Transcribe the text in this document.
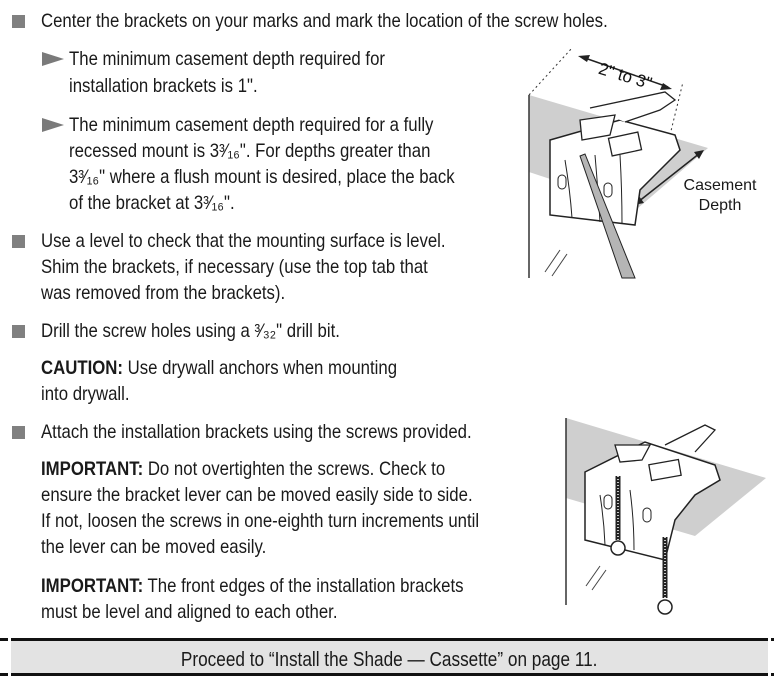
Center the brackets on your marks and mark the location of the screw holes.
The minimum casement depth required for
installation brackets is 1".
The minimum casement depth required for a fully
recessed mount is 3³⁄₁₆". For depths greater than
3³⁄₁₆" where a flush mount is desired, place the back
of the bracket at 3³⁄₁₆".
Use a level to check that the mounting surface is level.
Shim the brackets, if necessary (use the top tab that
was removed from the brackets).
Drill the screw holes using a ³⁄₃₂" drill bit.
CAUTION: Use drywall anchors when mounting
into drywall.
Attach the installation brackets using the screws provided.
IMPORTANT: Do not overtighten the screws. Check to
ensure the bracket lever can be moved easily side to side.
If not, loosen the screws in one-eighth turn increments until
the lever can be moved easily.
IMPORTANT: The front edges of the installation brackets
must be level and aligned to each other.
2" to 3"
Casement
Depth
Proceed to “Install the Shade — Cassette” on page 11.
